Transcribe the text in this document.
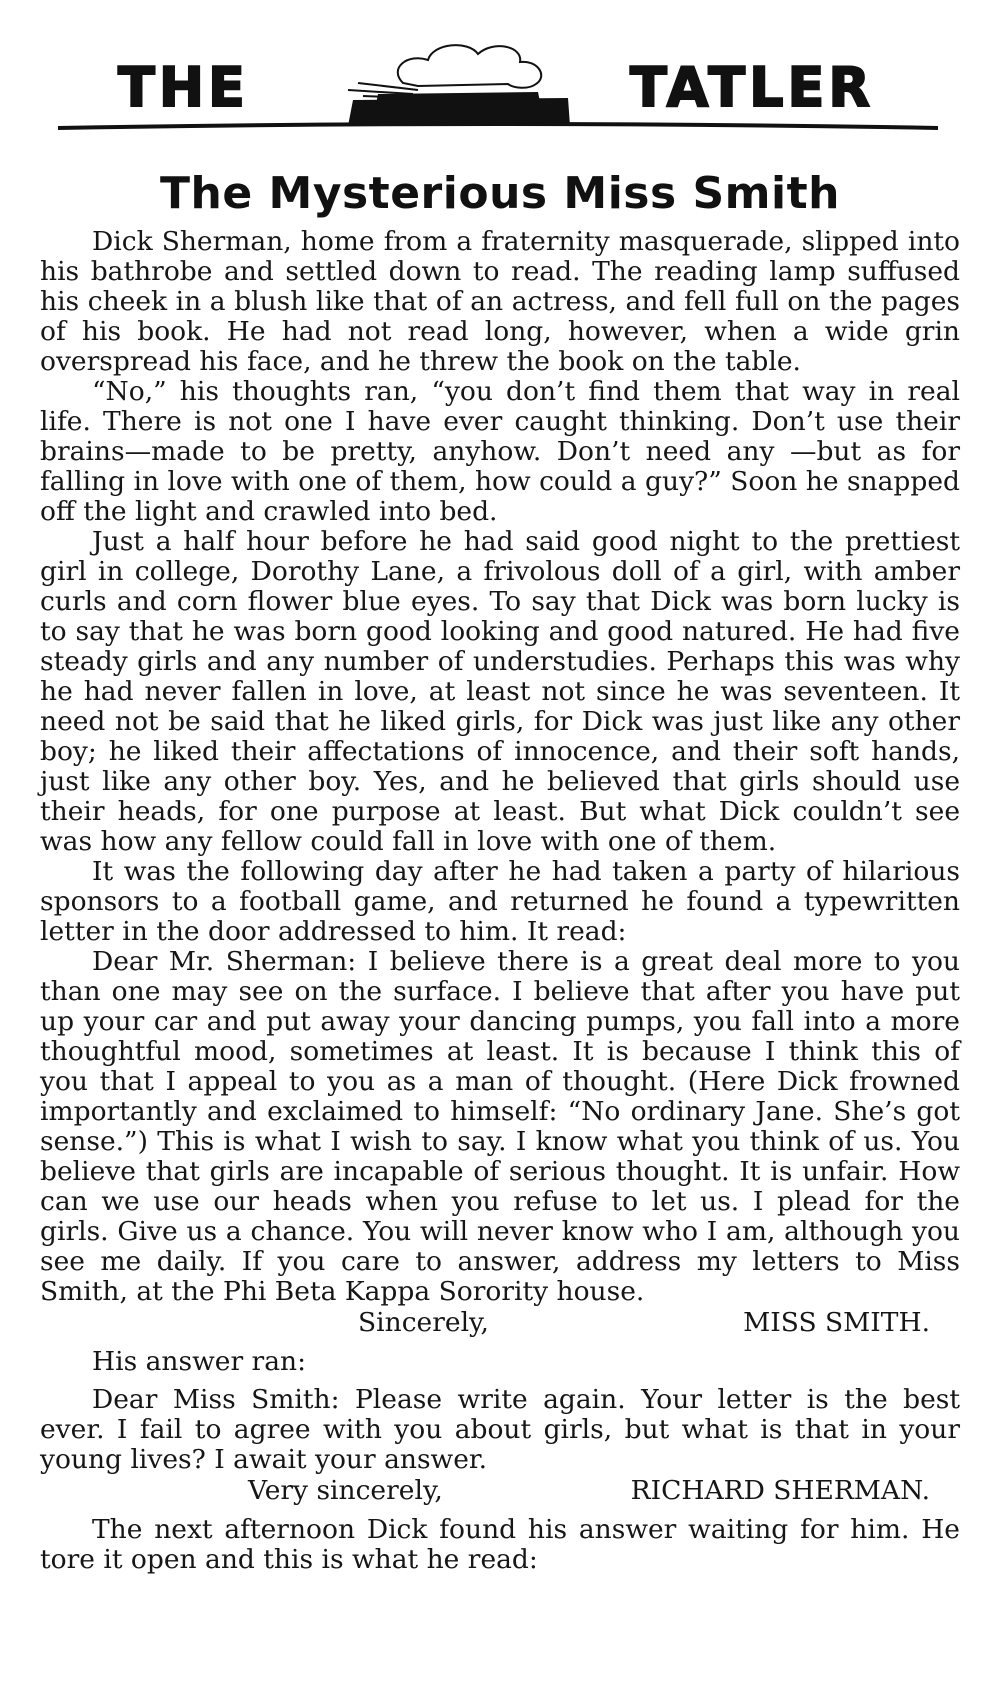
THE	TATLER
The Mysterious Miss Smith

Dick Sherman, home from a fraternity masquerade, slipped into his bathrobe and settled down to read. The reading lamp suffused his cheek in a blush like that of an actress, and fell full on the pages of his book. He had not read long, however, when a wide grin overspread his face, and he threw the book on the table.

“No,” his thoughts ran, “you don’t find them that way in real life. There is not one I have ever caught thinking. Don’t use their brains—made to be pretty, anyhow. Don’t need any —but as for falling in love with one of them, how could a guy?” Soon he snapped off the light and crawled into bed.

Just a half hour before he had said good night to the prettiest girl in college, Dorothy Lane, a frivolous doll of a girl, with amber curls and corn flower blue eyes. To say that Dick was born lucky is to say that he was born good looking and good natured. He had five steady girls and any number of understudies. Perhaps this was why he had never fallen in love, at least not since he was seventeen. It need not be said that he liked girls, for Dick was just like any other boy; he liked their affectations of innocence, and their soft hands, just like any other boy. Yes, and he believed that girls should use their heads, for one purpose at least. But what Dick couldn’t see was how any fellow could fall in love with one of them.

It was the following day after he had taken a party of hilarious sponsors to a football game, and returned he found a typewritten letter in the door addressed to him. It read:

Dear Mr. Sherman: I believe there is a great deal more to you than one may see on the surface. I believe that after you have put up your car and put away your dancing pumps, you fall into a more thoughtful mood, sometimes at least. It is because I think this of you that I appeal to you as a man of thought. (Here Dick frowned importantly and exclaimed to himself: “No ordinary Jane. She’s got sense.”) This is what I wish to say. I know what you think of us. You believe that girls are incapable of serious thought. It is unfair. How can we use our heads when you refuse to let us. I plead for the girls. Give us a chance. You will never know who I am, although you see me daily. If you care to answer, address my letters to Miss Smith, at the Phi Beta Kappa Sorority house.

Sincerely,	MISS SMITH.

His answer ran:

Dear Miss Smith: Please write again. Your letter is the best ever. I fail to agree with you about girls, but what is that in your young lives? I await your answer.

Very sincerely,	RICHARD SHERMAN.

The next afternoon Dick found his answer waiting for him. He tore it open and this is what he read:
